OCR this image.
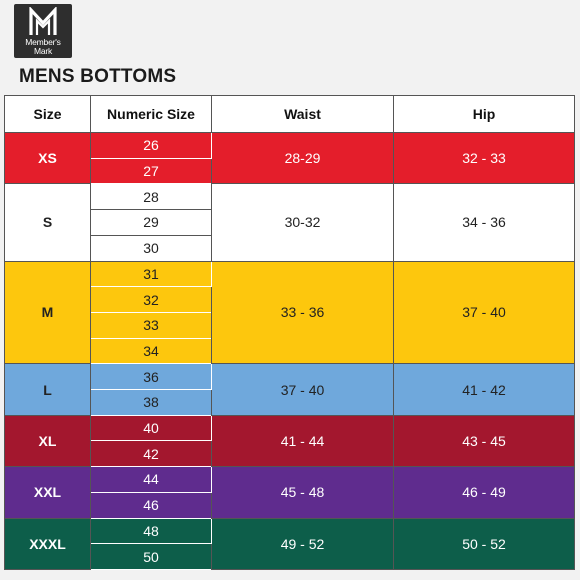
Member's
Mark
MENS BOTTOMS
Size	Numeric Size	Waist	Hip
XS	26	28-29	32 - 33
	27		
S	28	30-32	34 - 36
	29		
	30		
M	31	33 - 36	37 - 40
	32		
	33		
	34		
L	36	37 - 40	41 - 42
	38		
XL	40	41 - 44	43 - 45
	42		
XXL	44	45 - 48	46 - 49
	46		
XXXL	48	49 - 52	50 - 52
	50		
